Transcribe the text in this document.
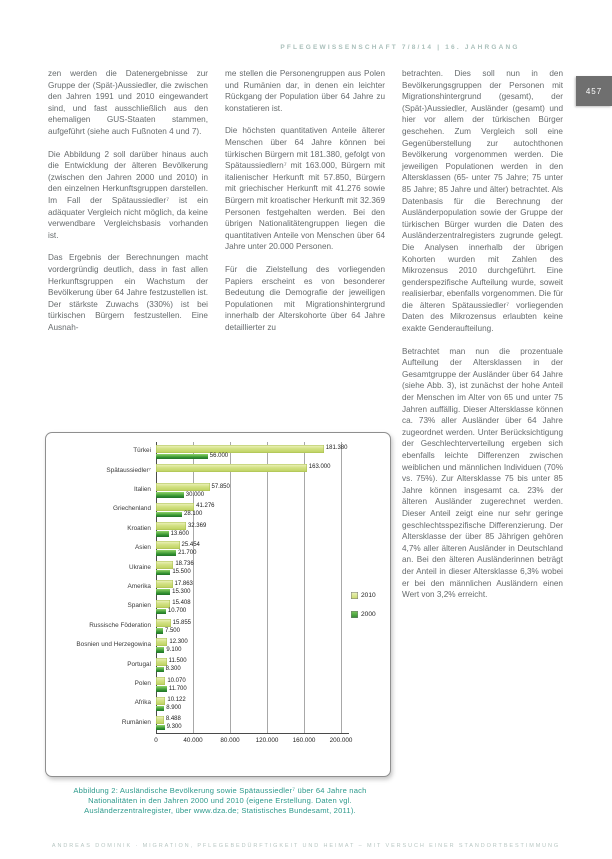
PFLEGEWISSENSCHAFT 7/8/14 | 16. JAHRGANG
457

zen werden die Datenergebnisse zur Gruppe der (Spät-)Aussiedler, die zwischen den Jahren 1991 und 2010 eingewandert sind, und fast ausschließlich aus den ehemaligen GUS-Staaten stammen, aufgeführt (siehe auch Fußnoten 4 und 7).

Die Abbildung 2 soll darüber hinaus auch die Entwicklung der älteren Bevölkerung (zwischen den Jahren 2000 und 2010) in den einzelnen Herkunftsgruppen darstellen. Im Fall der Spätaussiedler⁷ ist ein adäquater Vergleich nicht möglich, da keine verwendbare Vergleichsbasis vorhanden ist.

Das Ergebnis der Berechnungen macht vordergründig deutlich, dass in fast allen Herkunftsgruppen ein Wachstum der Bevölkerung über 64 Jahre festzustellen ist. Der stärkste Zuwachs (330%) ist bei türkischen Bürgern festzustellen. Eine Ausnah-

me stellen die Personengruppen aus Polen und Rumänien dar, in denen ein leichter Rückgang der Population über 64 Jahre zu konstatieren ist.

Die höchsten quantitativen Anteile älterer Menschen über 64 Jahre können bei türkischen Bürgern mit 181.380, gefolgt von Spätaussiedlern⁷ mit 163.000, Bürgern mit italienischer Herkunft mit 57.850, Bürgern mit griechischer Herkunft mit 41.276 sowie Bürgern mit kroatischer Herkunft mit 32.369 Personen festgehalten werden. Bei den übrigen Nationalitätengruppen liegen die quantitativen Anteile von Menschen über 64 Jahre unter 20.000 Personen.

Für die Zielstellung des vorliegenden Papiers erscheint es von besonderer Bedeutung die Demografie der jeweiligen Populationen mit Migrationshintergrund innerhalb der Alterskohorte über 64 Jahre detaillierter zu

betrachten. Dies soll nun in den Bevölkerungsgruppen der Personen mit Migrationshintergrund (gesamt), der (Spät-)Aussiedler, Ausländer (gesamt) und hier vor allem der türkischen Bürger geschehen. Zum Vergleich soll eine Gegenüberstellung zur autochthonen Bevölkerung vorgenommen werden. Die jeweiligen Populationen werden in den Altersklassen (65- unter 75 Jahre; 75 unter 85 Jahre; 85 Jahre und älter) betrachtet. Als Datenbasis für die Berechnung der Ausländerpopulation sowie der Gruppe der türkischen Bürger wurden die Daten des Ausländerzentralregisters zugrunde gelegt. Die Analysen innerhalb der übrigen Kohorten wurden mit Zahlen des Mikrozensus 2010 durchgeführt. Eine genderspezifische Aufteilung wurde, soweit realisierbar, ebenfalls vorgenommen. Die für die älteren Spätaussiedler⁷ vorliegenden Daten des Mikrozensus erlaubten keine exakte Genderaufteilung.

Betrachtet man nun die prozentuale Aufteilung der Altersklassen in der Gesamtgruppe der Ausländer über 64 Jahre (siehe Abb. 3), ist zunächst der hohe Anteil der Menschen im Alter von 65 und unter 75 Jahren auffällig. Dieser Altersklasse können ca. 73% aller Ausländer über 64 Jahre zugeordnet werden. Unter Berücksichtigung der Geschlechterverteilung ergeben sich ebenfalls leichte Differenzen zwischen weiblichen und männlichen Individuen (70% vs. 75%). Zur Altersklasse 75 bis unter 85 Jahre können insgesamt ca. 23% der älteren Ausländer zugerechnet werden. Dieser Anteil zeigt eine nur sehr geringe geschlechtsspezifische Differenzierung. Der Altersklasse der über 85 Jährigen gehören 4,7% aller älteren Ausländer in Deutschland an. Bei den älteren Ausländerinnen beträgt der Anteil in dieser Altersklasse 6,3% wobei er bei den männlichen Ausländern einen Wert von 3,2% erreicht.

Türkei	181.380
56.000
Spätaussiedler⁷	163.000
Italien	57.850
30.000
Griechenland	41.276
28.100
Kroatien	32.369
13.600
Asien	25.454
21.700
Ukraine	18.736
15.500
Amerika	17.863
15.300
Spanien	15.408
10.700
Russische Föderation	15.855
7.500
Bosnien und Herzegowina	12.300
9.100
Portugal	11.500
8.300
Polen	10.070
11.700
Afrika	10.122
8.900
Rumänien	8.488
9.300
0	40.000	80.000	120.000 160.000 200.000
2010
2000
Abbildung 2: Ausländische Bevölkerung sowie Spätaussiedler⁷ über 64 Jahre nach Nationalitäten in den Jahren 2000 und 2010 (eigene Erstellung. Daten vgl. Ausländerzentralregister, über www.dza.de; Statistisches Bundesamt, 2011).
ANDREAS DOMINIK · MIGRATION, PFLEGEBEDÜRFTIGKEIT UND HEIMAT – MIT VERSUCH EINER STANDORTBESTIMMUNG
